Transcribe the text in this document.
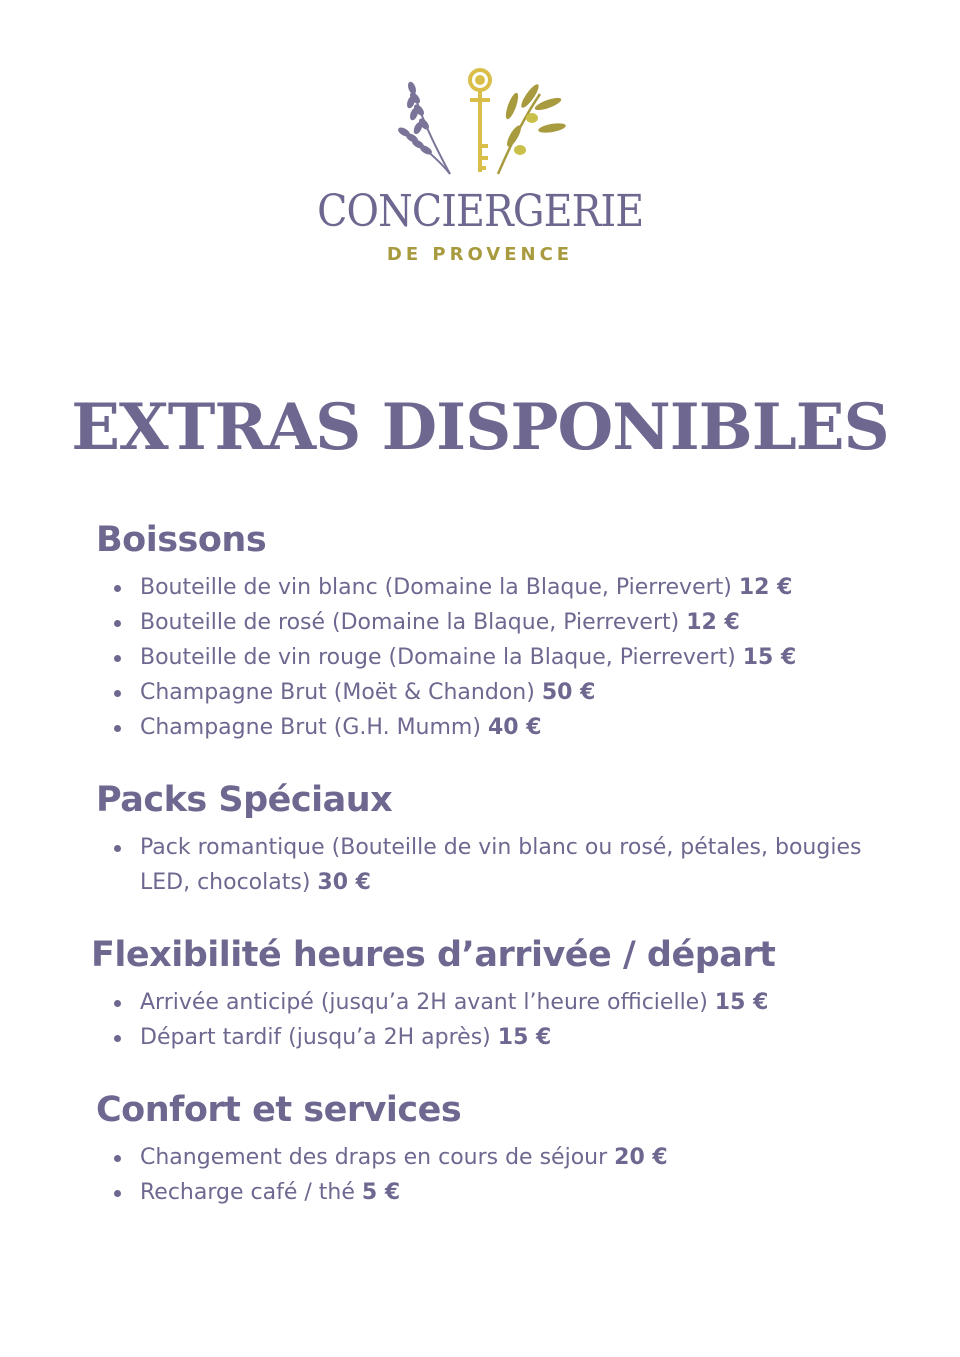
CONCIERGERIE
DE PROVENCE
EXTRAS DISPONIBLES
Boissons
Bouteille de vin blanc (Domaine la Blaque, Pierrevert) 12 €
Bouteille de rosé (Domaine la Blaque, Pierrevert) 12 €
Bouteille de vin rouge (Domaine la Blaque, Pierrevert) 15 €
Champagne Brut (Moët & Chandon) 50 €
Champagne Brut (G.H. Mumm) 40 €
Packs Spéciaux
Pack romantique (Bouteille de vin blanc ou rosé, pétales, bougies LED, chocolats) 30 €
Flexibilité heures d’arrivée / départ
Arrivée anticipé (jusqu’a 2H avant l’heure officielle) 15 €
Départ tardif (jusqu’a 2H après) 15 €
Confort et services
Changement des draps en cours de séjour 20 €
Recharge café / thé 5 €
